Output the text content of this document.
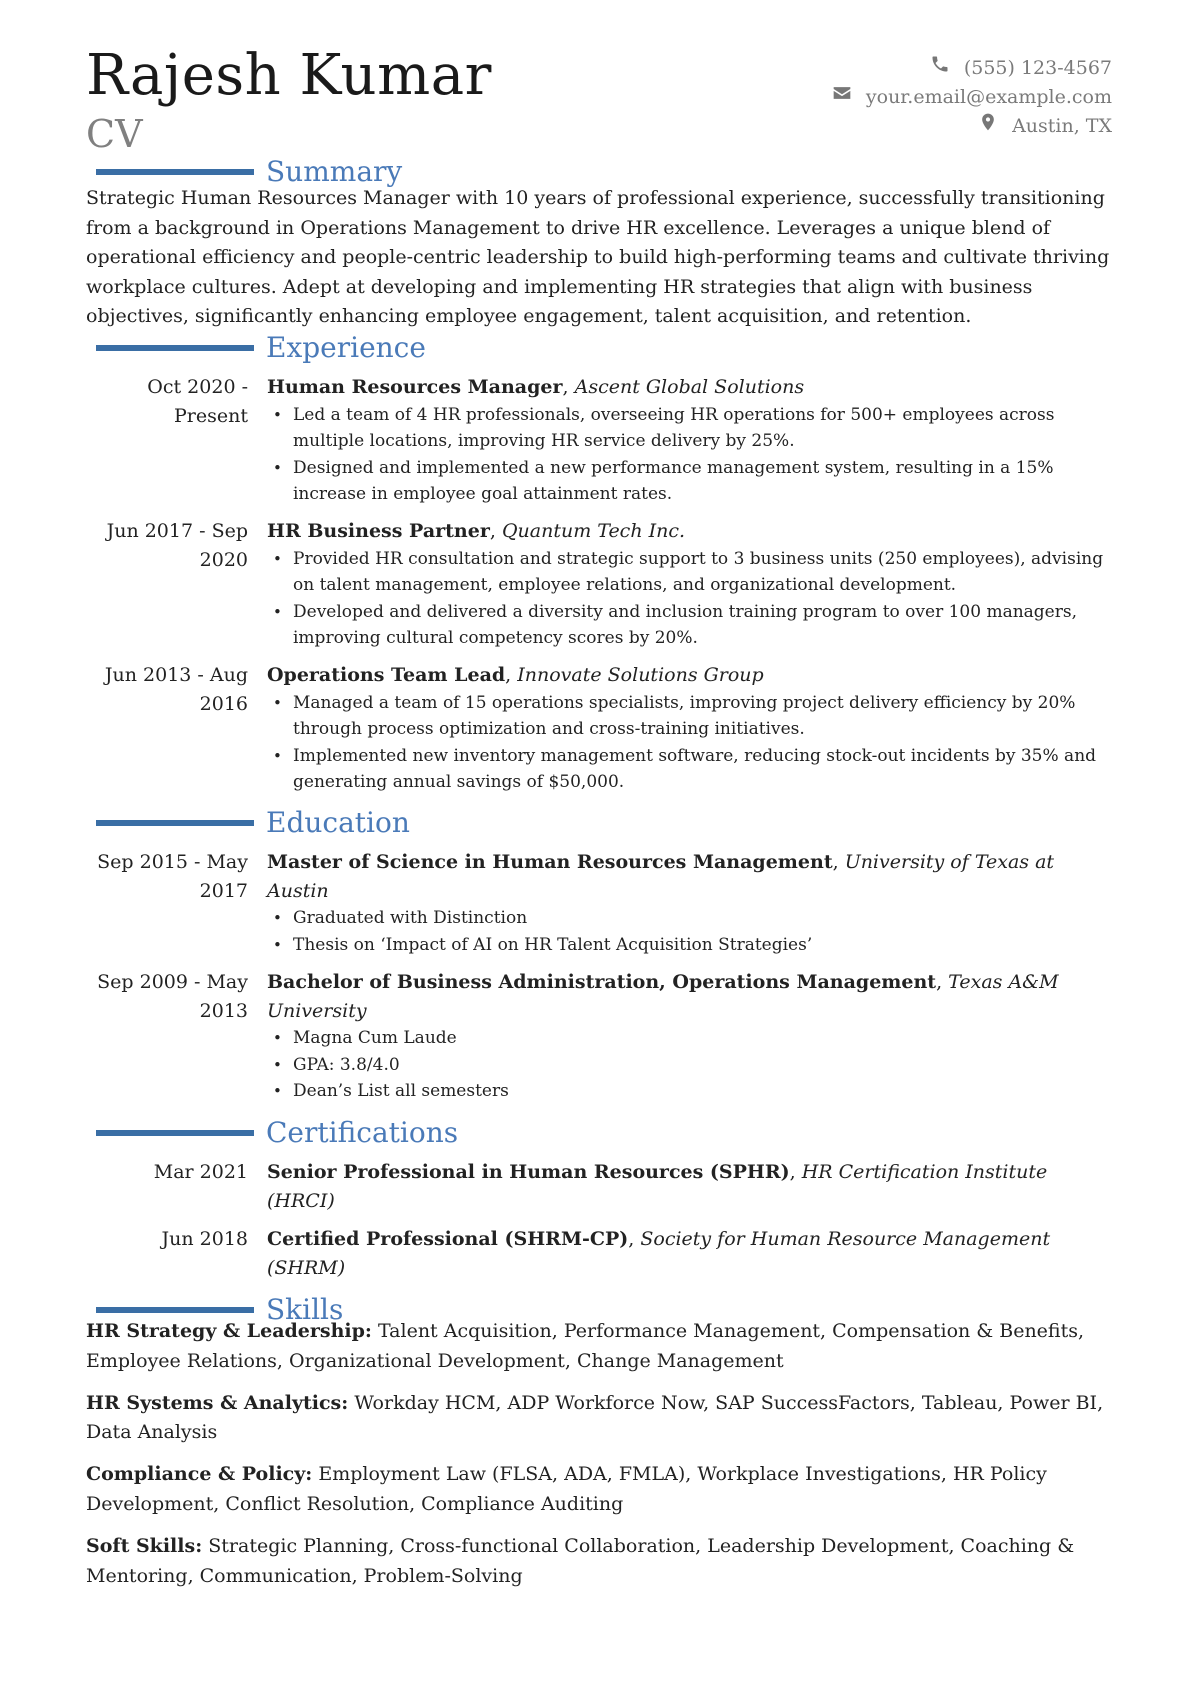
Rajesh Kumar
CV
(555) 123-4567
your.email@example.com
Austin, TX
Summary
Strategic Human Resources Manager with 10 years of professional experience, successfully transitioning from a background in Operations Management to drive HR excellence. Leverages a unique blend of operational efficiency and people-centric leadership to build high-performing teams and cultivate thriving workplace cultures. Adept at developing and implementing HR strategies that align with business objectives, significantly enhancing employee engagement, talent acquisition, and retention.
Experience
Oct 2020 - Present
Human Resources Manager, Ascent Global Solutions
• Led a team of 4 HR professionals, overseeing HR operations for 500+ employees across multiple locations, improving HR service delivery by 25%.
• Designed and implemented a new performance management system, resulting in a 15% increase in employee goal attainment rates.
Jun 2017 - Sep 2020
HR Business Partner, Quantum Tech Inc.
• Provided HR consultation and strategic support to 3 business units (250 employees), advising on talent management, employee relations, and organizational development.
• Developed and delivered a diversity and inclusion training program to over 100 managers, improving cultural competency scores by 20%.
Jun 2013 - Aug 2016
Operations Team Lead, Innovate Solutions Group
• Managed a team of 15 operations specialists, improving project delivery efficiency by 20% through process optimization and cross-training initiatives.
• Implemented new inventory management software, reducing stock-out incidents by 35% and generating annual savings of $50,000.
Education
Sep 2015 - May 2017
Master of Science in Human Resources Management, University of Texas at Austin
• Graduated with Distinction
• Thesis on ‘Impact of AI on HR Talent Acquisition Strategies’
Sep 2009 - May 2013
Bachelor of Business Administration, Operations Management, Texas A&M University
• Magna Cum Laude
• GPA: 3.8/4.0
• Dean’s List all semesters
Certifications
Mar 2021 Senior Professional in Human Resources (SPHR), HR Certification Institute (HRCI)
Jun 2018 Certified Professional (SHRM-CP), Society for Human Resource Management (SHRM)
Skills
HR Strategy & Leadership: Talent Acquisition, Performance Management, Compensation & Benefits, Employee Relations, Organizational Development, Change Management
HR Systems & Analytics: Workday HCM, ADP Workforce Now, SAP SuccessFactors, Tableau, Power BI, Data Analysis
Compliance & Policy: Employment Law (FLSA, ADA, FMLA), Workplace Investigations, HR Policy Development, Conflict Resolution, Compliance Auditing
Soft Skills: Strategic Planning, Cross-functional Collaboration, Leadership Development, Coaching & Mentoring, Communication, Problem-Solving
